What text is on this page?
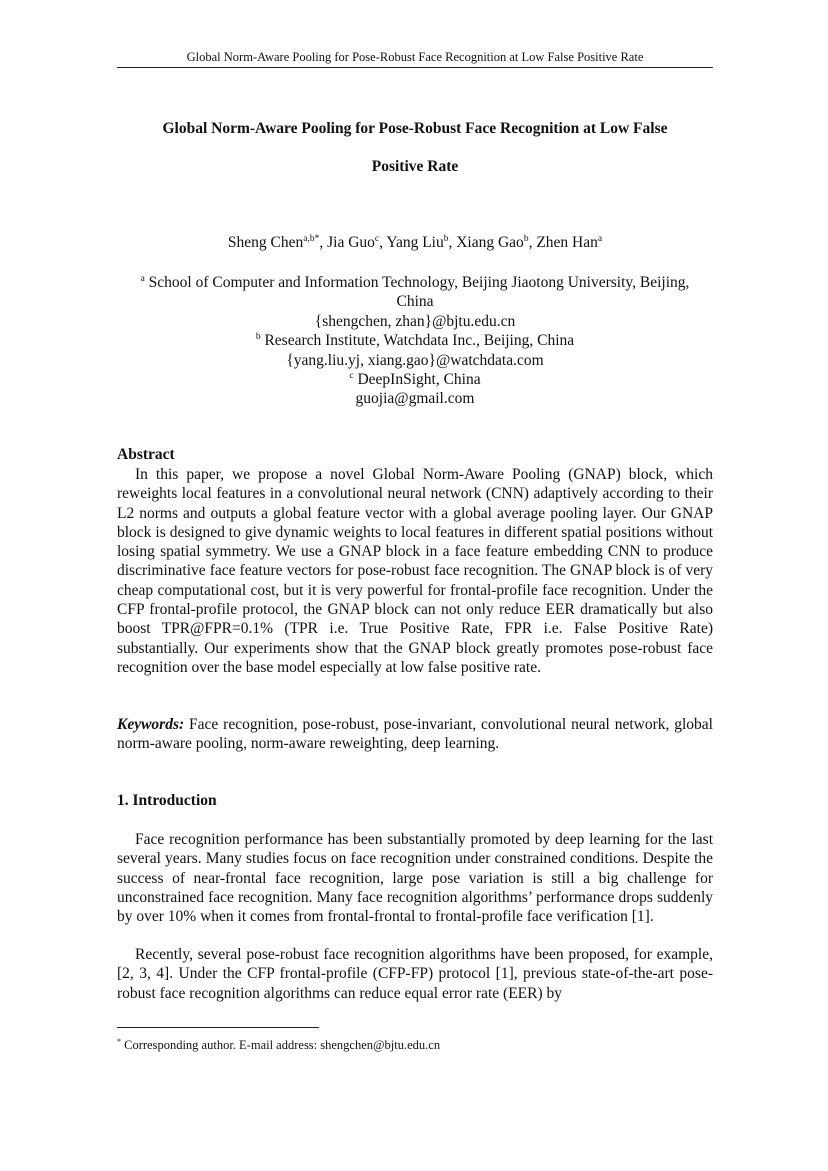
Global Norm-Aware Pooling for Pose-Robust Face Recognition at Low False Positive Rate
Global Norm-Aware Pooling for Pose-Robust Face Recognition at Low False
Positive Rate
Sheng Chen$^{a,b*}$, Jia Guo$^c$, Yang Liu$^b$, Xiang Gao$^b$, Zhen Han$^a$
$^a$ School of Computer and Information Technology, Beijing Jiaotong University, Beijing,
China
{shengchen, zhan}@bjtu.edu.cn
$^b$ Research Institute, Watchdata Inc., Beijing, China
{yang.liu.yj, xiang.gao}@watchdata.com
$^c$ DeepInSight, China
guojia@gmail.com
Abstract
In this paper, we propose a novel Global Norm-Aware Pooling (GNAP) block, which reweights local features in a convolutional neural network (CNN) adaptively according to their L2 norms and outputs a global feature vector with a global average pooling layer. Our GNAP block is designed to give dynamic weights to local features in different spatial positions without losing spatial symmetry. We use a GNAP block in a face feature embedding CNN to produce discriminative face feature vectors for pose-robust face recognition. The GNAP block is of very cheap computational cost, but it is very powerful for frontal-profile face recognition. Under the CFP frontal-profile protocol, the GNAP block can not only reduce EER dramatically but also boost TPR@FPR=0.1% (TPR i.e. True Positive Rate, FPR i.e. False Positive Rate) substantially. Our experiments show that the GNAP block greatly promotes pose-robust face recognition over the base model especially at low false positive rate.
Keywords: Face recognition, pose-robust, pose-invariant, convolutional neural network, global norm-aware pooling, norm-aware reweighting, deep learning.
1. Introduction
Face recognition performance has been substantially promoted by deep learning for the last several years. Many studies focus on face recognition under constrained conditions. Despite the success of near-frontal face recognition, large pose variation is still a big challenge for unconstrained face recognition. Many face recognition algorithms’ performance drops suddenly by over 10% when it comes from frontal-frontal to frontal-profile face verification [1].
Recently, several pose-robust face recognition algorithms have been proposed, for example, [2, 3, 4]. Under the CFP frontal-profile (CFP-FP) protocol [1], previous state-of-the-art pose-robust face recognition algorithms can reduce equal error rate (EER) by
* Corresponding author. E-mail address: shengchen@bjtu.edu.cn
